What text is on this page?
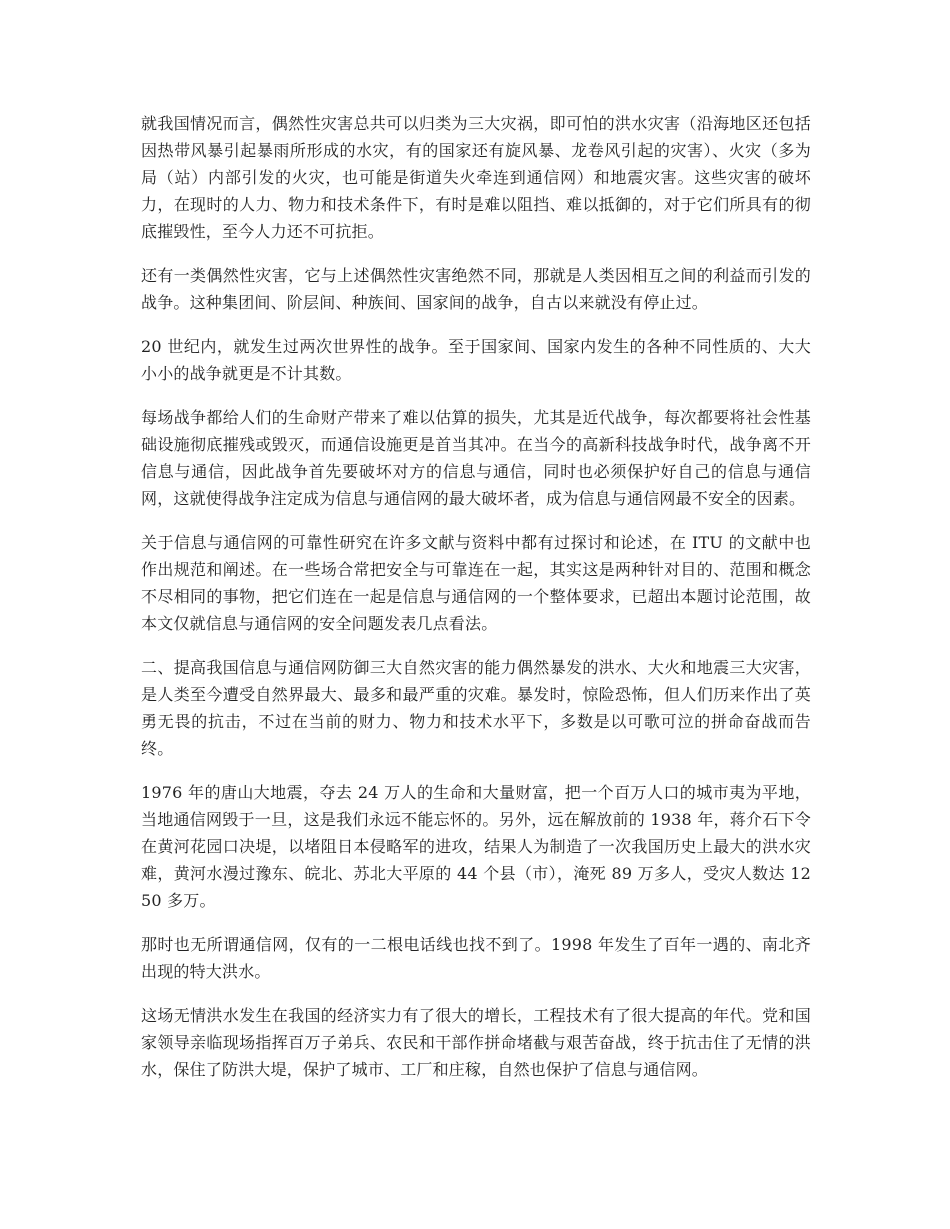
就我国情况而言，偶然性灾害总共可以归类为三大灾祸，即可怕的洪水灾害（沿海地区还包括因热带风暴引起暴雨所形成的水灾，有的国家还有旋风暴、龙卷风引起的灾害）、火灾（多为局（站）内部引发的火灾，也可能是街道失火牵连到通信网）和地震灾害。这些灾害的破坏力，在现时的人力、物力和技术条件下，有时是难以阻挡、难以抵御的，对于它们所具有的彻底摧毁性，至今人力还不可抗拒。

还有一类偶然性灾害，它与上述偶然性灾害绝然不同，那就是人类因相互之间的利益而引发的战争。这种集团间、阶层间、种族间、国家间的战争，自古以来就没有停止过。

20 世纪内，就发生过两次世界性的战争。至于国家间、国家内发生的各种不同性质的、大大小小的战争就更是不计其数。

每场战争都给人们的生命财产带来了难以估算的损失，尤其是近代战争，每次都要将社会性基础设施彻底摧残或毁灭，而通信设施更是首当其冲。在当今的高新科技战争时代，战争离不开信息与通信，因此战争首先要破坏对方的信息与通信，同时也必须保护好自己的信息与通信网，这就使得战争注定成为信息与通信网的最大破坏者，成为信息与通信网最不安全的因素。

关于信息与通信网的可靠性研究在许多文献与资料中都有过探讨和论述，在 ITU 的文献中也作出规范和阐述。在一些场合常把安全与可靠连在一起，其实这是两种针对目的、范围和概念不尽相同的事物，把它们连在一起是信息与通信网的一个整体要求，已超出本题讨论范围，故本文仅就信息与通信网的安全问题发表几点看法。

二、提高我国信息与通信网防御三大自然灾害的能力偶然暴发的洪水、大火和地震三大灾害，是人类至今遭受自然界最大、最多和最严重的灾难。暴发时，惊险恐怖，但人们历来作出了英勇无畏的抗击，不过在当前的财力、物力和技术水平下，多数是以可歌可泣的拼命奋战而告终。

1976 年的唐山大地震，夺去 24 万人的生命和大量财富，把一个百万人口的城市夷为平地，当地通信网毁于一旦，这是我们永远不能忘怀的。另外，远在解放前的 1938 年，蒋介石下令在黄河花园口决堤，以堵阻日本侵略军的进攻，结果人为制造了一次我国历史上最大的洪水灾难，黄河水漫过豫东、皖北、苏北大平原的 44 个县（市），淹死 89 万多人，受灾人数达 1250 多万。

那时也无所谓通信网，仅有的一二根电话线也找不到了。1998 年发生了百年一遇的、南北齐出现的特大洪水。

这场无情洪水发生在我国的经济实力有了很大的增长，工程技术有了很大提高的年代。党和国家领导亲临现场指挥百万子弟兵、农民和干部作拼命堵截与艰苦奋战，终于抗击住了无情的洪水，保住了防洪大堤，保护了城市、工厂和庄稼，自然也保护了信息与通信网。
